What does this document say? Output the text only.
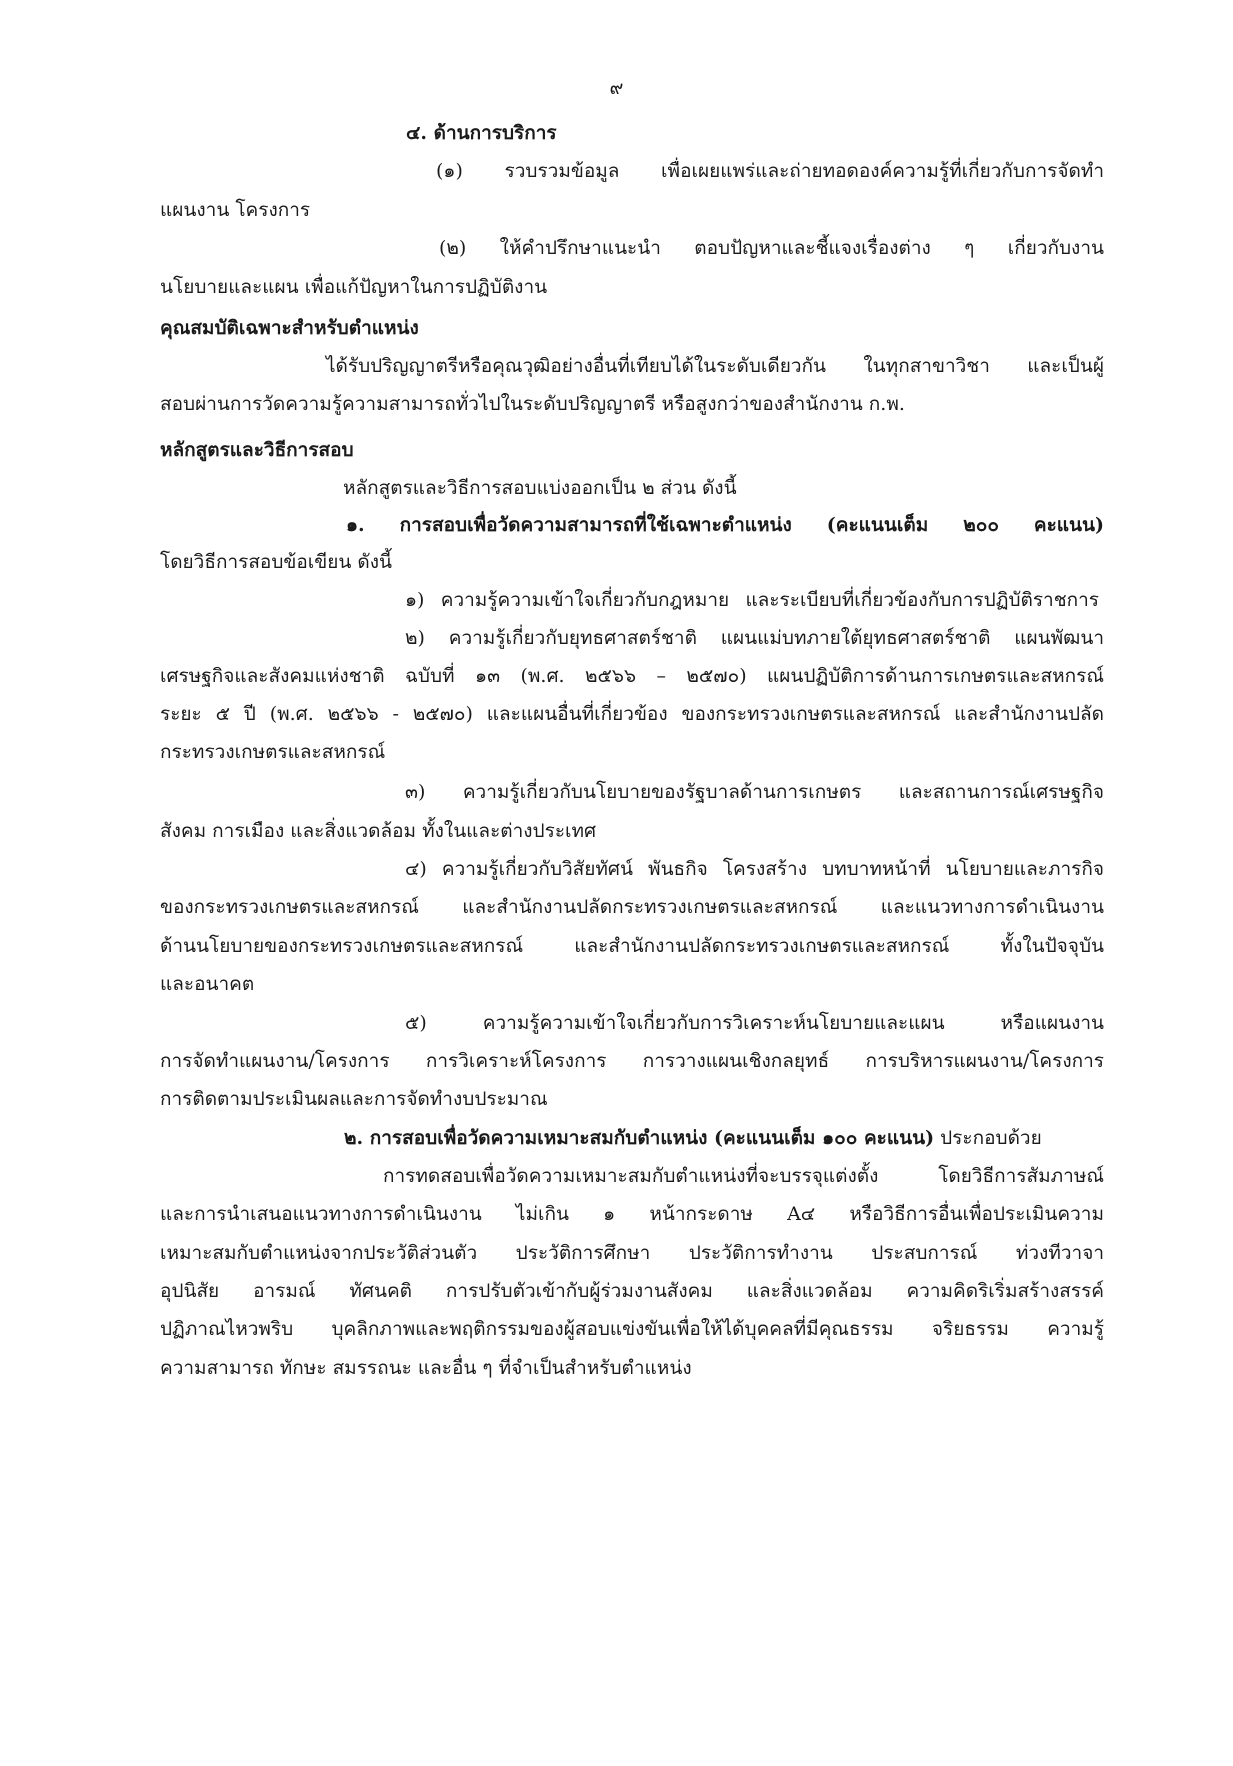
๙
๔. ด้านการบริการ
(๑) รวบรวมข้อมูล เพื่อเผยแพร่และถ่ายทอดองค์ความรู้ที่เกี่ยวกับการจัดทำ
แผนงาน โครงการ
(๒) ให้คำปรึกษาแนะนำ ตอบปัญหาและชี้แจงเรื่องต่าง ๆ เกี่ยวกับงาน
นโยบายและแผน เพื่อแก้ปัญหาในการปฏิบัติงาน
คุณสมบัติเฉพาะสำหรับตำแหน่ง
ได้รับปริญญาตรีหรือคุณวุฒิอย่างอื่นที่เทียบได้ในระดับเดียวกัน ในทุกสาขาวิชา และเป็นผู้
สอบผ่านการวัดความรู้ความสามารถทั่วไปในระดับปริญญาตรี หรือสูงกว่าของสำนักงาน ก.พ.
หลักสูตรและวิธีการสอบ
หลักสูตรและวิธีการสอบแบ่งออกเป็น ๒ ส่วน ดังนี้
๑. การสอบเพื่อวัดความสามารถที่ใช้เฉพาะตำแหน่ง (คะแนนเต็ม ๒๐๐ คะแนน)
โดยวิธีการสอบข้อเขียน ดังนี้
๑) ความรู้ความเข้าใจเกี่ยวกับกฎหมาย และระเบียบที่เกี่ยวข้องกับการปฏิบัติราชการ
๒) ความรู้เกี่ยวกับยุทธศาสตร์ชาติ แผนแม่บทภายใต้ยุทธศาสตร์ชาติ แผนพัฒนา
เศรษฐกิจและสังคมแห่งชาติ ฉบับที่ ๑๓ (พ.ศ. ๒๕๖๖ – ๒๕๗๐) แผนปฏิบัติการด้านการเกษตรและสหกรณ์
ระยะ ๕ ปี (พ.ศ. ๒๕๖๖ - ๒๕๗๐) และแผนอื่นที่เกี่ยวข้อง ของกระทรวงเกษตรและสหกรณ์ และสำนักงานปลัด
กระทรวงเกษตรและสหกรณ์
๓) ความรู้เกี่ยวกับนโยบายของรัฐบาลด้านการเกษตร และสถานการณ์เศรษฐกิจ
สังคม การเมือง และสิ่งแวดล้อม ทั้งในและต่างประเทศ
๔) ความรู้เกี่ยวกับวิสัยทัศน์ พันธกิจ โครงสร้าง บทบาทหน้าที่ นโยบายและภารกิจ
ของกระทรวงเกษตรและสหกรณ์ และสำนักงานปลัดกระทรวงเกษตรและสหกรณ์ และแนวทางการดำเนินงาน
ด้านนโยบายของกระทรวงเกษตรและสหกรณ์ และสำนักงานปลัดกระทรวงเกษตรและสหกรณ์ ทั้งในปัจจุบัน
และอนาคต
๕) ความรู้ความเข้าใจเกี่ยวกับการวิเคราะห์นโยบายและแผน หรือแผนงาน
การจัดทำแผนงาน/โครงการ การวิเคราะห์โครงการ การวางแผนเชิงกลยุทธ์ การบริหารแผนงาน/โครงการ
การติดตามประเมินผลและการจัดทำงบประมาณ
๒. การสอบเพื่อวัดความเหมาะสมกับตำแหน่ง (คะแนนเต็ม ๑๐๐ คะแนน) ประกอบด้วย
การทดสอบเพื่อวัดความเหมาะสมกับตำแหน่งที่จะบรรจุแต่งตั้ง โดยวิธีการสัมภาษณ์
และการนำเสนอแนวทางการดำเนินงาน ไม่เกิน ๑ หน้ากระดาษ A๔ หรือวิธีการอื่นเพื่อประเมินความ
เหมาะสมกับตำแหน่งจากประวัติส่วนตัว ประวัติการศึกษา ประวัติการทำงาน ประสบการณ์ ท่วงทีวาจา
อุปนิสัย อารมณ์ ทัศนคติ การปรับตัวเข้ากับผู้ร่วมงานสังคม และสิ่งแวดล้อม ความคิดริเริ่มสร้างสรรค์
ปฏิภาณไหวพริบ บุคลิกภาพและพฤติกรรมของผู้สอบแข่งขันเพื่อให้ได้บุคคลที่มีคุณธรรม จริยธรรม ความรู้
ความสามารถ ทักษะ สมรรถนะ และอื่น ๆ ที่จำเป็นสำหรับตำแหน่ง
